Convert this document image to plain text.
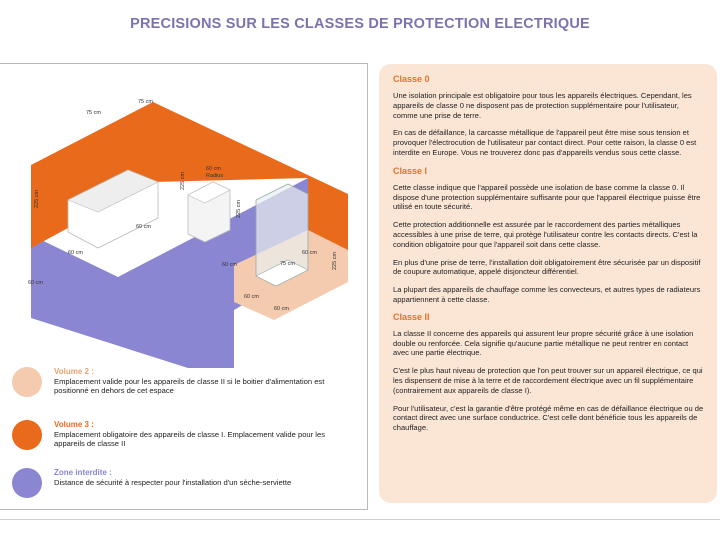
PRECISIONS SUR LES CLASSES DE PROTECTION ELECTRIQUE
75 cm
75 cm
75 cm
225 cm
225 cm
225 cm
225 cm
60 cm
60 cm
60 cm
60 cm
60 cm
60 cm
60 cm
60 cm
Radius
Volume 2 :
Emplacement valide pour les appareils de classe II si le boitier d'alimentation est positionné en dehors de cet espace
Volume 3 :
Emplacement obligatoire des appareils de classe I. Emplacement valide pour les appareils de classe II
Zone interdite :
Distance de sécurité à respecter pour l'installation d'un sèche-serviette
Classe 0

Une isolation principale est obligatoire pour tous les appareils électriques. Cependant, les appareils de classe 0 ne disposent pas de protection supplémentaire pour l'utilisateur, comme une prise de terre.

En cas de défaillance, la carcasse métallique de l'appareil peut être mise sous tension et provoquer l'électrocution de l'utilisateur par contact direct. Pour cette raison, la classe 0 est interdite en Europe. Vous ne trouverez donc pas d'appareils vendus sous cette classe.

Classe I

Cette classe indique que l'appareil possède une isolation de base comme la classe 0. Il dispose d'une protection supplémentaire suffisante pour que l'appareil électrique puisse être utilisé en toute sécurité.

Cette protection additionnelle est assurée par le raccordement des parties métalliques accessibles à une prise de terre, qui protège l'utilisateur contre les contacts directs. C'est la condition obligatoire pour que l'appareil soit dans cette classe.

En plus d'une prise de terre, l'installation doit obligatoirement être sécurisée par un dispositif de coupure automatique, appelé disjoncteur différentiel.

La plupart des appareils de chauffage comme les convecteurs, et autres types de radiateurs appartiennent à cette classe.

Classe II

La classe II concerne des appareils qui assurent leur propre sécurité grâce à une isolation double ou renforcée. Cela signifie qu'aucune partie métallique ne peut rentrer en contact avec une partie électrique.

C'est le plus haut niveau de protection que l'on peut trouver sur un appareil électrique, ce qui les dispensent de mise à la terre et de raccordement électrique avec un fil supplémentaire (contrairement aux appareils de classe I).

Pour l'utilisateur, c'est la garantie d'être protégé même en cas de défaillance électrique ou de contact direct avec une surface conductrice. C'est celle dont bénéficie tous les appareils de chauffage.
